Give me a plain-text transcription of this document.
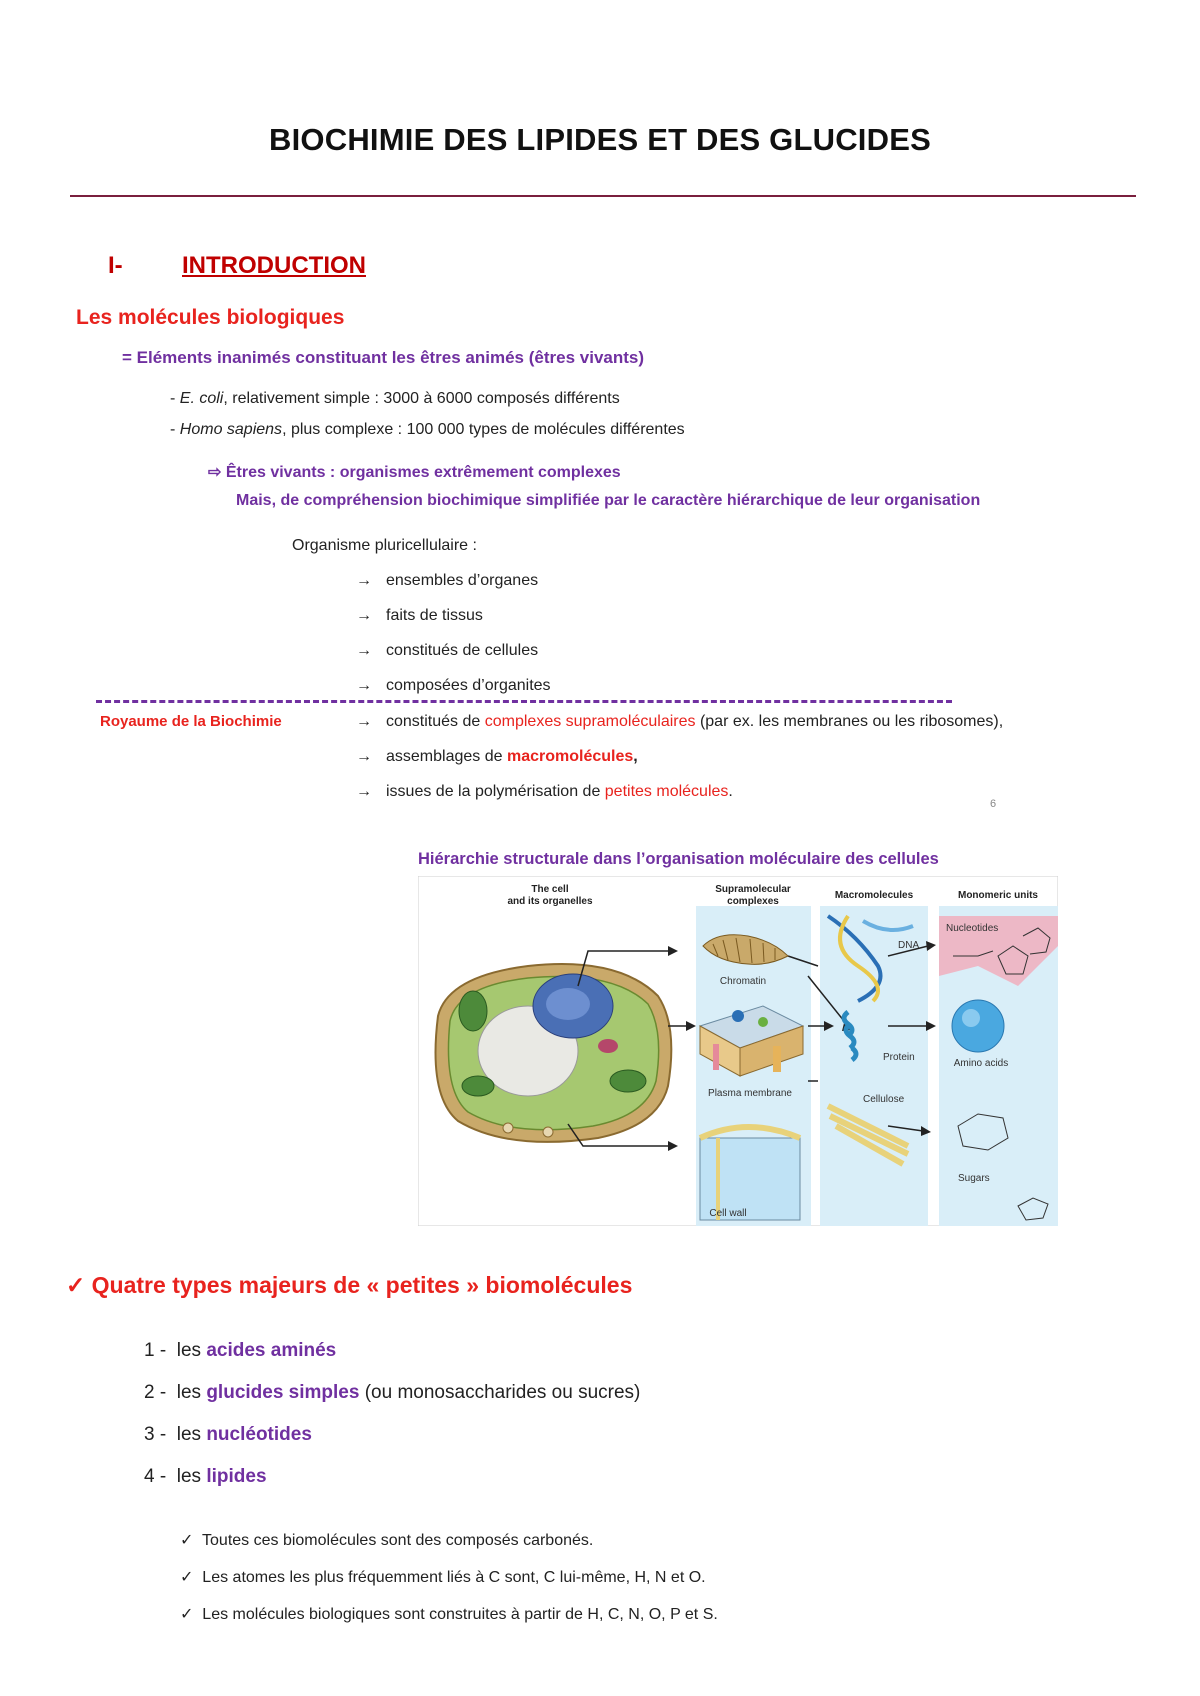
BIOCHIMIE DES LIPIDES ET DES GLUCIDES
I- INTRODUCTION
Les molécules biologiques
= Eléments inanimés constituant les êtres animés (êtres vivants)
- E. coli, relativement simple : 3000 à 6000 composés différents
- Homo sapiens, plus complexe : 100 000 types de molécules différentes
⇨ Êtres vivants : organismes extrêmement complexes
Mais, de compréhension biochimique simplifiée par le caractère hiérarchique de leur organisation
Organisme pluricellulaire :
→ ensembles d’organes
→ faits de tissus
→ constitués de cellules
→ composées d’organites
Royaume de la Biochimie	→ constitués de complexes supramoléculaires (par ex. les membranes ou les ribosomes),
→ assemblages de macromolécules,
→ issues de la polymérisation de petites molécules.
6
Hiérarchie structurale dans l’organisation moléculaire des cellules
The cell
and its organelles
Supramolecular
complexes
Macromolecules	Monomeric units
Chromatin
Plasma membrane
Cell wall
DNA
Protein
Cellulose
Nucleotides
Amino acids
Sugars
✓ Quatre types majeurs de « petites » biomolécules
1 - les acides aminés
2 - les glucides simples (ou monosaccharides ou sucres)
3 - les nucléotides
4 - les lipides
✓ Toutes ces biomolécules sont des composés carbonés.
✓ Les atomes les plus fréquemment liés à C sont, C lui-même, H, N et O.
✓ Les molécules biologiques sont construites à partir de H, C, N, O, P et S.
